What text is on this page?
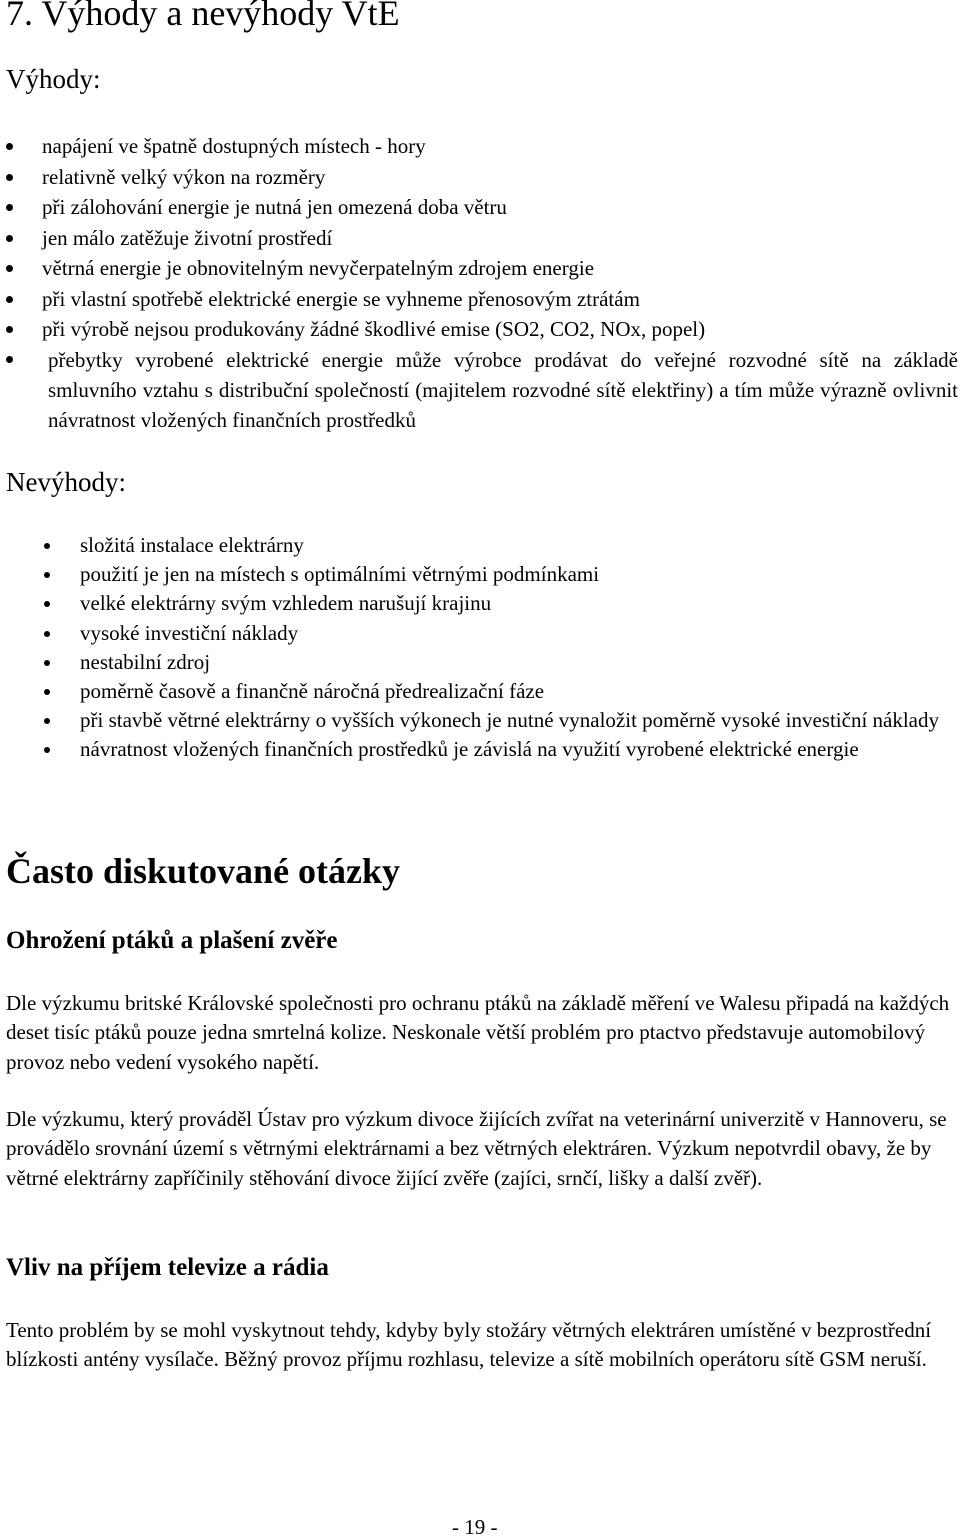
7. Výhody a nevýhody VtE
Výhody:
napájení ve špatně dostupných místech - hory
relativně velký výkon na rozměry
při zálohování energie je nutná jen omezená doba větru
jen málo zatěžuje životní prostředí
větrná energie je obnovitelným nevyčerpatelným zdrojem energie
při vlastní spotřebě elektrické energie se vyhneme přenosovým ztrátám
při výrobě nejsou produkovány žádné škodlivé emise (SO2, CO2, NOx, popel)
přebytky vyrobené elektrické energie může výrobce prodávat do veřejné rozvodné sítě na základě smluvního vztahu s distribuční společností (majitelem rozvodné sítě elektřiny) a tím může výrazně ovlivnit návratnost vložených finančních prostředků
Nevýhody:
složitá instalace elektrárny
použití je jen na místech s optimálními větrnými podmínkami
velké elektrárny svým vzhledem narušují krajinu
vysoké investiční náklady
nestabilní zdroj
poměrně časově a finančně náročná předrealizační fáze
při stavbě větrné elektrárny o vyšších výkonech je nutné vynaložit poměrně vysoké investiční náklady
návratnost vložených finančních prostředků je závislá na využití vyrobené elektrické energie
Často diskutované otázky
Ohrožení ptáků a plašení zvěře

Dle výzkumu britské Královské společnosti pro ochranu ptáků na základě měření ve Walesu připadá na každých deset tisíc ptáků pouze jedna smrtelná kolize. Neskonale větší problém pro ptactvo představuje automobilový provoz nebo vedení vysokého napětí.

Dle výzkumu, který prováděl Ústav pro výzkum divoce žijících zvířat na veterinární univerzitě v Hannoveru, se provádělo srovnání území s větrnými elektrárnami a bez větrných elektráren. Výzkum nepotvrdil obavy, že by větrné elektrárny zapříčinily stěhování divoce žijící zvěře (zajíci, srnčí, lišky a další zvěř).

Vliv na příjem televize a rádia

Tento problém by se mohl vyskytnout tehdy, kdyby byly stožáry větrných elektráren umístěné v bezprostřední blízkosti antény vysílače. Běžný provoz příjmu rozhlasu, televize a sítě mobilních operátoru sítě GSM neruší.

- 19 -
